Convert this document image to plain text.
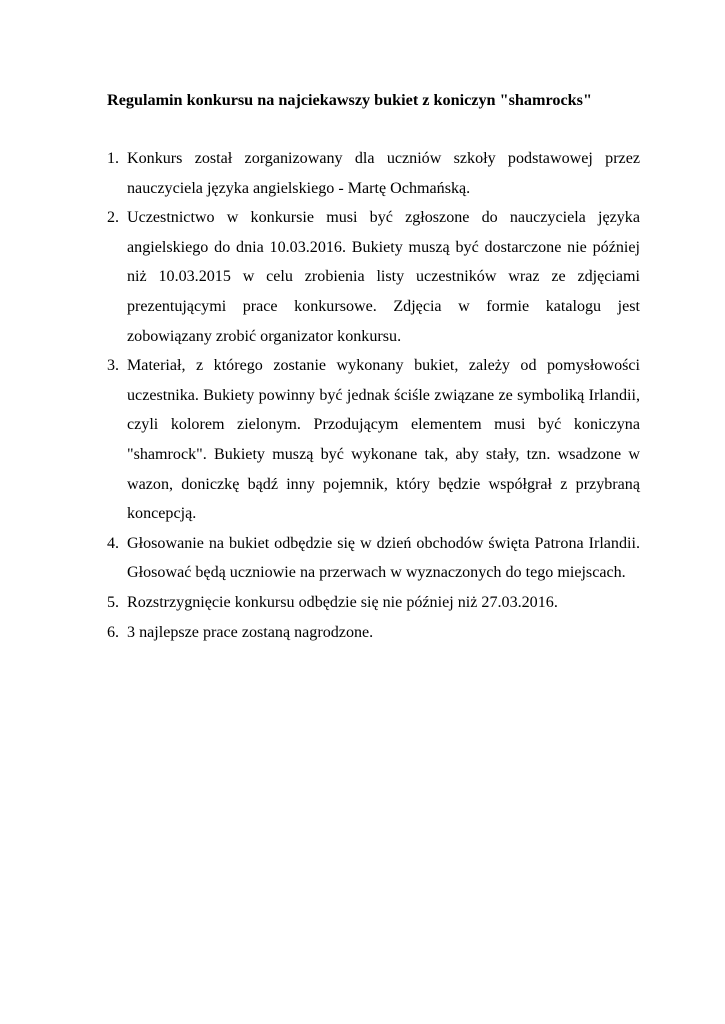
Regulamin konkursu na najciekawszy bukiet z koniczyn "shamrocks"
1. Konkurs został zorganizowany dla uczniów szkoły podstawowej przez nauczyciela języka angielskiego - Martę Ochmańską.
2. Uczestnictwo w konkursie musi być zgłoszone do nauczyciela języka angielskiego do dnia 10.03.2016. Bukiety muszą być dostarczone nie później niż 10.03.2015 w celu zrobienia listy uczestników wraz ze zdjęciami prezentującymi prace konkursowe. Zdjęcia w formie katalogu jest zobowiązany zrobić organizator konkursu.
3. Materiał, z którego zostanie wykonany bukiet, zależy od pomysłowości uczestnika. Bukiety powinny być jednak ściśle związane ze symboliką Irlandii, czyli kolorem zielonym. Przodującym elementem musi być koniczyna "shamrock". Bukiety muszą być wykonane tak, aby stały, tzn. wsadzone w wazon, doniczkę bądź inny pojemnik, który będzie współgrał z przybraną koncepcją.
4. Głosowanie na bukiet odbędzie się w dzień obchodów święta Patrona Irlandii. Głosować będą uczniowie na przerwach w wyznaczonych do tego miejscach.
5. Rozstrzygnięcie konkursu odbędzie się nie później niż 27.03.2016.
6. 3 najlepsze prace zostaną nagrodzone.
